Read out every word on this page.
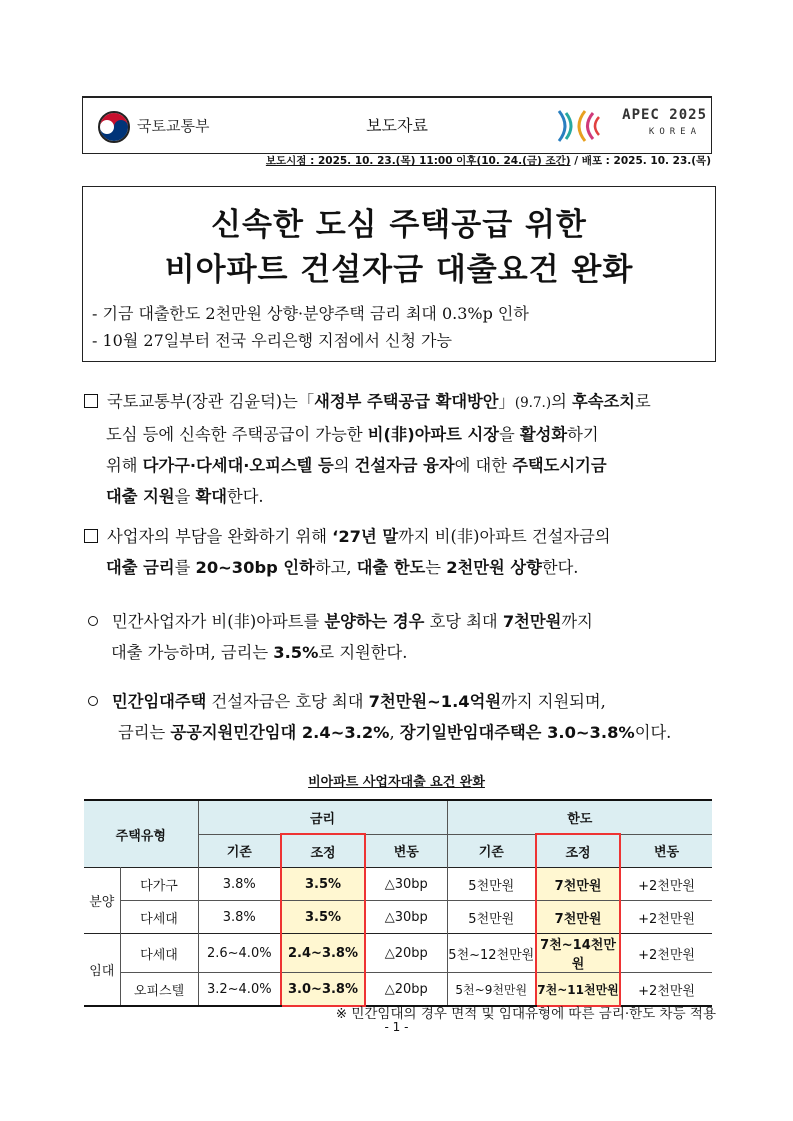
국토교통부	보도자료
APEC 2025
KOREA
보도시점 : 2025. 10. 23.(목) 11:00 이후(10. 24.(금) 조간) / 배포 : 2025. 10. 23.(목)
신속한 도심 주택공급 위한
비아파트 건설자금 대출요건 완화
- 기금 대출한도 2천만원 상향·분양주택 금리 최대 0.3%p 인하
- 10월 27일부터 전국 우리은행 지점에서 신청 가능
국토교통부(장관 김윤덕)는「새정부 주택공급 확대방안」(9.7.)의 후속조치로
도심 등에 신속한 주택공급이 가능한 비(非)아파트 시장을 활성화하기
위해 다가구·다세대·오피스텔 등의 건설자금 융자에 대한 주택도시기금
대출 지원을 확대한다.
사업자의 부담을 완화하기 위해 ‘27년 말까지 비(非)아파트 건설자금의
대출 금리를 20~30bp 인하하고, 대출 한도는 2천만원 상향한다.
민간사업자가 비(非)아파트를 분양하는 경우 호당 최대 7천만원까지
대출 가능하며, 금리는 3.5%로 지원한다.
민간임대주택 건설자금은 호당 최대 7천만원~1.4억원까지 지원되며,
금리는 공공지원민간임대 2.4~3.2%, 장기일반임대주택은 3.0~3.8%이다.
비아파트 사업자대출 요건 완화
주택유형		금리			한도		
		기존	조정	변동	기존	조정	변동
분양	다가구	3.8%	3.5%	△30bp	5천만원	7천만원	+2천만원
	다세대	3.8%	3.5%	△30bp	5천만원	7천만원	+2천만원
임대	다세대	2.6~4.0%	2.4~3.8%	△20bp	5천~12천만원	7천~14천만원	+2천만원
	오피스텔	3.2~4.0%	3.0~3.8%	△20bp	5천~9천만원	7천~11천만원	+2천만원
※ 민간임대의 경우 면적 및 임대유형에 따른 금리·한도 차등 적용
- 1 -
